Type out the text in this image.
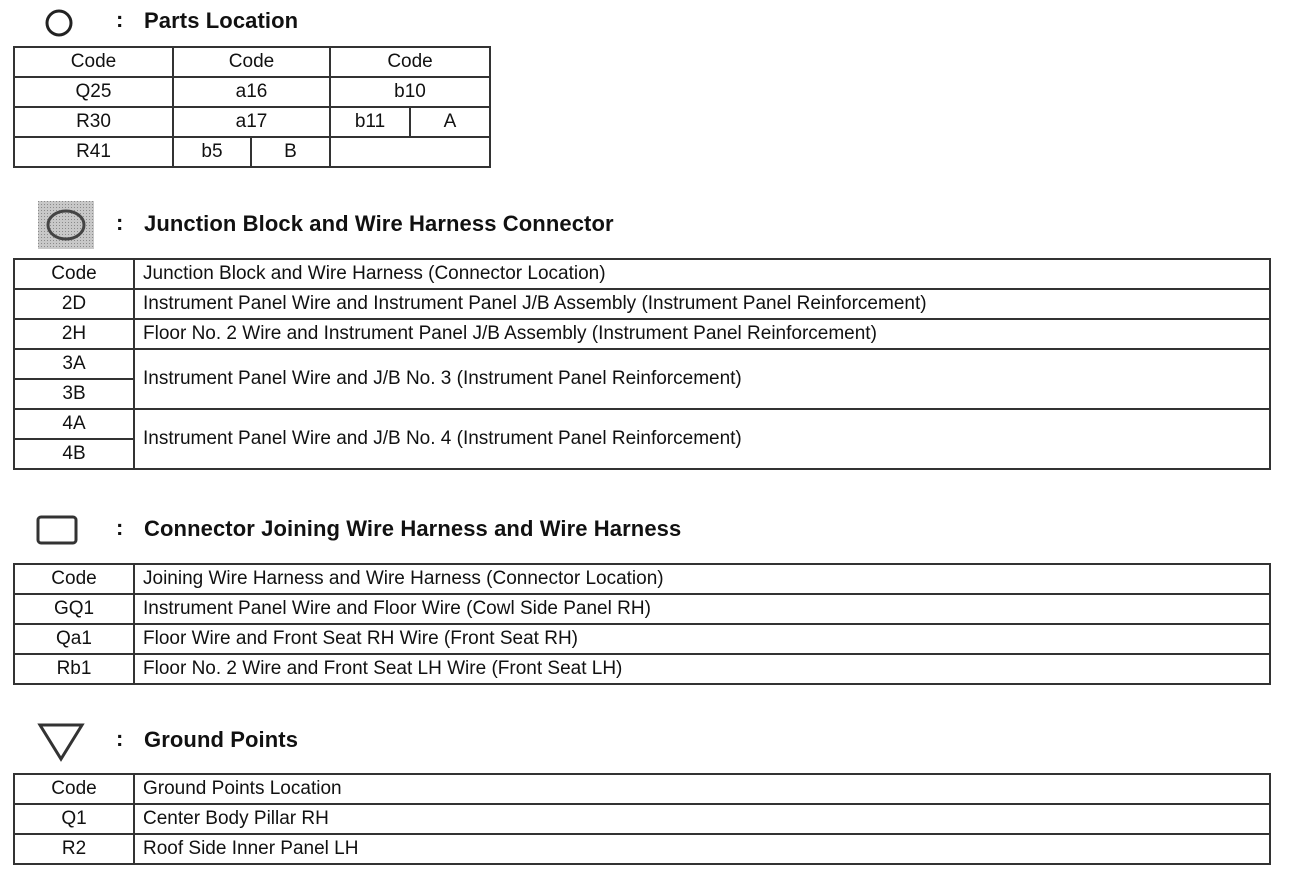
: Parts Location
Code	Code		Code	
Q25	a16		b10	
R30	a17		b11	A
R41	b5	B		
: Junction Block and Wire Harness Connector
Code	Junction Block and Wire Harness (Connector Location)
2D	Instrument Panel Wire and Instrument Panel J/B Assembly (Instrument Panel Reinforcement)
2H	Floor No. 2 Wire and Instrument Panel J/B Assembly (Instrument Panel Reinforcement)
3A	Instrument Panel Wire and J/B No. 3 (Instrument Panel Reinforcement)
3B	
4A	Instrument Panel Wire and J/B No. 4 (Instrument Panel Reinforcement)
4B	
: Connector Joining Wire Harness and Wire Harness
Code	Joining Wire Harness and Wire Harness (Connector Location)
GQ1	Instrument Panel Wire and Floor Wire (Cowl Side Panel RH)
Qa1	Floor Wire and Front Seat RH Wire (Front Seat RH)
Rb1	Floor No. 2 Wire and Front Seat LH Wire (Front Seat LH)
: Ground Points
Code	Ground Points Location
Q1	Center Body Pillar RH
R2	Roof Side Inner Panel LH
